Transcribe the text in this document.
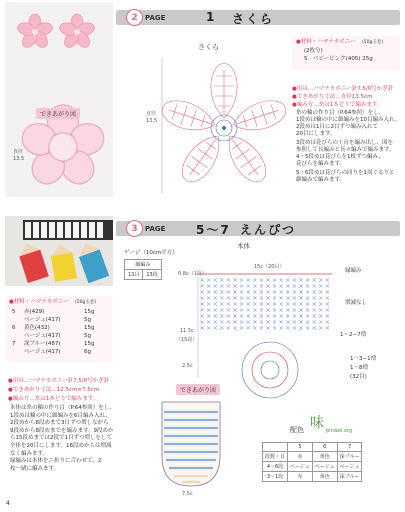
2	PAGE	1 さくら
できあがり図
直径
13.5
さくら
直径
13.5
●材料・ハマナカボニー (50g玉巻)
(2枚分)
5　ベビーピンク(405) 25g
●用具…ハマナカボニー針7.5/0号かぎ針
●できあがり寸法…直径13.5cm
●編み方…糸は1本どりで編みます。
糸の輪の作り目（P.64参照）をし、
1段めは輪の中に細編みを10目編み入れ、
2段めは1目に2目ずつ編み入れて
20目にします。
3段めは花びらの土台を編み出し、図を
参照して長編みと長々編みで編みます。
4・5段めは花びらを1枚ずつ編み、
花びらを編みます。
5・6段めは花びらの回りを1周ぐるりと
細編みで編みます。
3	PAGE	5〜7 えんぴつ
●材料・ハマナカボニー (50g玉巻)
5 赤(429)	15g
ベージュ(417)	5g
6 黄色(432)	15g
ベージュ(417)	5g
7 深ブルー(487)	15g
ベージュ(417)	6g
●用具…ハマナカボニー針7.5/0号かぎ針
●できあがり寸法…12.5cm×7.5cm
●編み方…糸は1本どりで編みます。
本体は糸の輪の作り目（P.64参照）をし、
1段めは輪の中に細編みを6目編み入れ、
2段めから8段めまで3目ずつ増しながら
9段めから8段めまでを編みます。9段めか
ら15段めまでは2段で1目ずつ増しをして
全体を20目にします。16段めからは増減
なく編みます。
縁編みは本体をニ折りに合わせて、2
枚一緒に編みます。
本体
15c（20目）
ゲージ（10cm平方）
細編み
13目	13段	0.8c（1段）
11.5c
（15段）
2.5c
縁編み
増減なし
1〜2−7増
1〜3−1増
1〜8増
(32目)
できあがり図
7.5c
配色 味 pinwei.org
	5	6	7
段数・目	赤	黄色	深ブルー
4〜6段	ベージュ	ベージュ	ベージュ
3〜1段	赤	黄色	深ブルー
4
